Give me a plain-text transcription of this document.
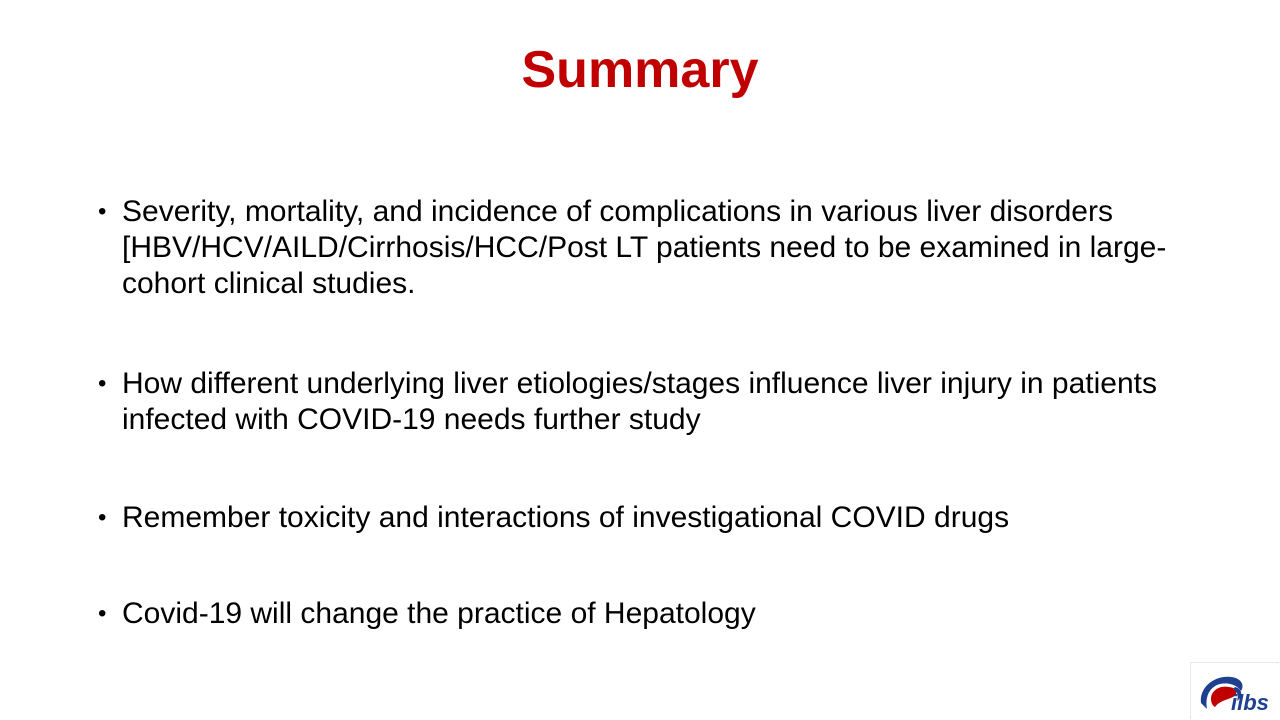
Summary
• Severity, mortality, and incidence of complications in various liver disorders [HBV/HCV/AILD/Cirrhosis/HCC/Post LT patients need to be examined in large-cohort clinical studies.
• How different underlying liver etiologies/stages influence liver injury in patients infected with COVID-19 needs further study
• Remember toxicity and interactions of investigational COVID drugs
• Covid-19 will change the practice of Hepatology
ilbs
